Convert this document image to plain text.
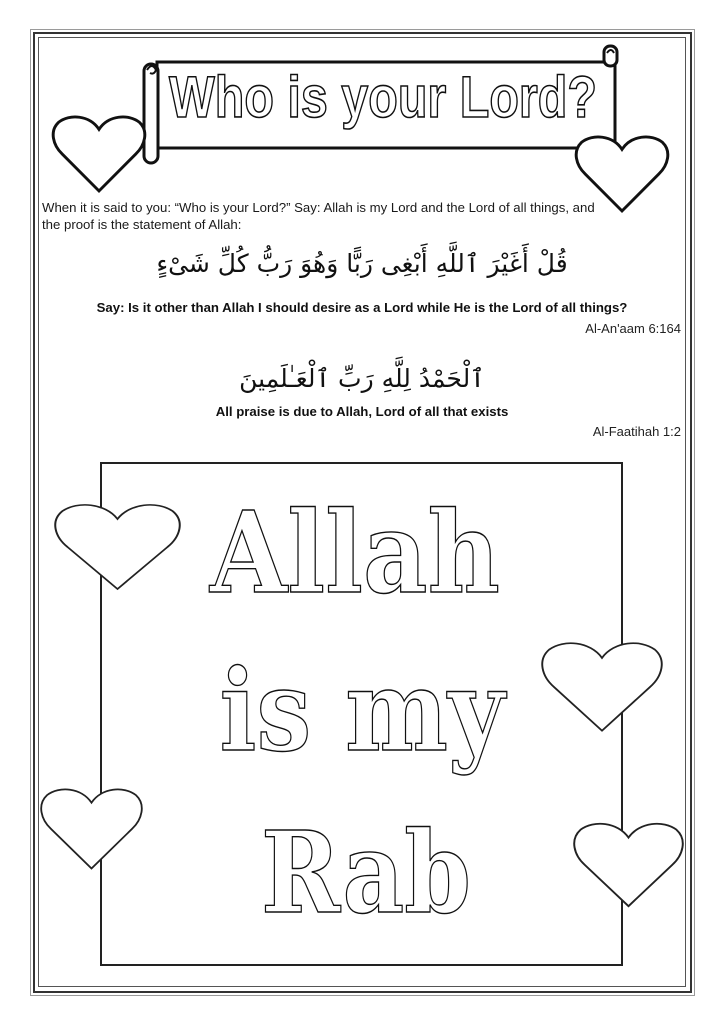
Who is your Lord?
Allah
is my
Rab
When it is said to you: “Who is your Lord?” Say: Allah is my Lord and the Lord of all things, and
the proof is the statement of Allah:
قُلْ أَغَيْرَ ٱللَّهِ أَبْغِى رَبًّا وَهُوَ رَبُّ كُلِّ شَىْءٍ
Say: Is it other than Allah I should desire as a Lord while He is the Lord of all things?
Al-An'aam 6:164
ٱلْحَمْدُ لِلَّهِ رَبِّ ٱلْعَـٰلَمِينَ
All praise is due to Allah, Lord of all that exists
Al-Faatihah 1:2
